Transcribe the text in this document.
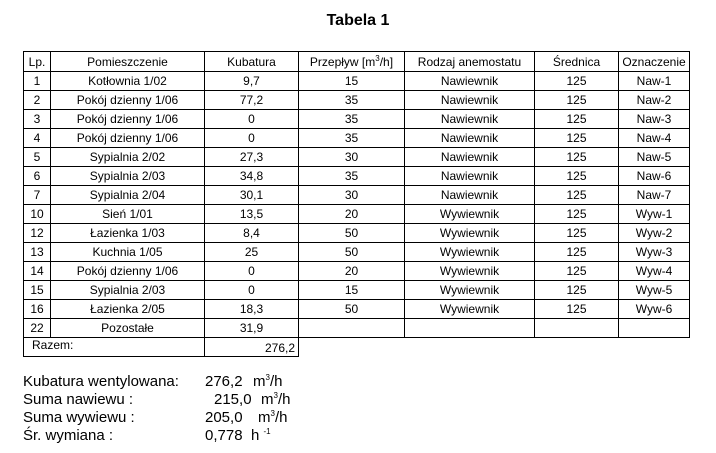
Tabela 1
Lp.	Pomieszczenie	Kubatura	Przepływ $[m^3/h]$	Rodzaj anemostatu	Średnica	Oznaczenie
1	Kotłownia 1/02	9,7	15	Nawiewnik	125	Naw-1
2	Pokój dzienny 1/06	77,2	35	Nawiewnik	125	Naw-2
3	Pokój dzienny 1/06	0	35	Nawiewnik	125	Naw-3
4	Pokój dzienny 1/06	0	35	Nawiewnik	125	Naw-4
5	Sypialnia 2/02	27,3	30	Nawiewnik	125	Naw-5
6	Sypialnia 2/03	34,8	35	Nawiewnik	125	Naw-6
7	Sypialnia 2/04	30,1	30	Nawiewnik	125	Naw-7
10	Sień 1/01	13,5	20	Wywiewnik	125	Wyw-1
12	Łazienka 1/03	8,4	50	Wywiewnik	125	Wyw-2
13	Kuchnia 1/05	25	50	Wywiewnik	125	Wyw-3
14	Pokój dzienny 1/06	0	20	Wywiewnik	125	Wyw-4
15	Sypialnia 2/03	0	15	Wywiewnik	125	Wyw-5
16	Łazienka 2/05	18,3	50	Wywiewnik	125	Wyw-6
22	Pozostałe	31,9				
Razem:		276,2				
Kubatura wentylowana: 276,2 $m^3/h$
Suma nawiewu :	215,0 $m^3/h$
Suma wywiewu :	205,0 $m^3/h$
Śr. wymiana :	0,778 h $^{-1}$
